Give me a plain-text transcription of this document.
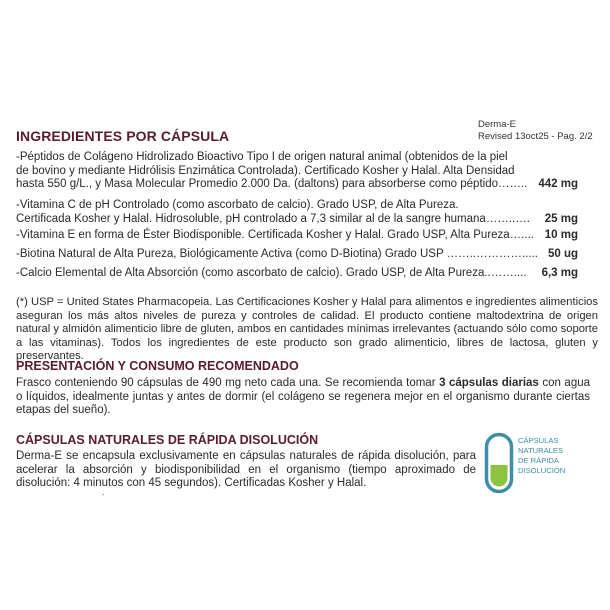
Derma-E
Revised 13oct25 - Pag. 2/2
INGREDIENTES POR CÁPSULA
-Péptidos de Colágeno Hidrolizado Bioactivo Tipo I de origen natural animal (obtenidos de la piel
de bovino y mediante Hidrólisis Enzimática Controlada). Certificado Kosher y Halal. Alta Densidad
hasta 550 g/L., y Masa Molecular Promedio 2.000 Da. (daltons) para absorberse como péptido…….. 442 mg
-Vitamina C de pH Controlado (como ascorbato de calcio). Grado USP, de Alta Pureza.
Certificada Kosher y Halal. Hidrosoluble, pH controlado a 7,3 similar al de la sangre humana……..…. 25 mg
-Vitamina E en forma de Éster Biodisponible. Certificada Kosher y Halal. Grado USP, Alta Pureza….... 10 mg
-Biotina Natural de Alta Pureza, Biológicamente Activa (como D-Biotina) Grado USP ……..…………..... 50 ug
-Calcio Elemental de Alta Absorción (como ascorbato de calcio). Grado USP, de Alta Pureza..…….... 6,3 mg
(*) USP = United States Pharmacopeia. Las Certificaciones Kosher y Halal para alimentos e ingredientes alimenticios aseguran los más altos niveles de pureza y controles de calidad. El producto contiene maltodextrina de origen natural y almidón alimenticio libre de gluten, ambos en cantidades mínimas irrelevantes (actuando sólo como soporte a las vitaminas). Todos los ingredientes de este producto son grado alimenticio, libres de lactosa, gluten y preservantes.
PRESENTACIÓN Y CONSUMO RECOMENDADO
Frasco conteniendo 90 cápsulas de 490 mg neto cada una. Se recomienda tomar 3 cápsulas diarias con agua o líquidos, idealmente juntas y antes de dormir (el colágeno se regenera mejor en el organismo durante ciertas etapas del sueño).
CÁPSULAS NATURALES DE RÁPIDA DISOLUCIÓN
Derma-E se encapsula exclusivamente en cápsulas naturales de rápida disolución, para acelerar la absorción y biodisponibilidad en el organismo (tiempo aproximado de disolución: 4 minutos con 45 segundos). Certificadas Kosher y Halal.
CÁPSULAS
NATURALES
DE RÁPIDA
DISOLUCIÓN
´
